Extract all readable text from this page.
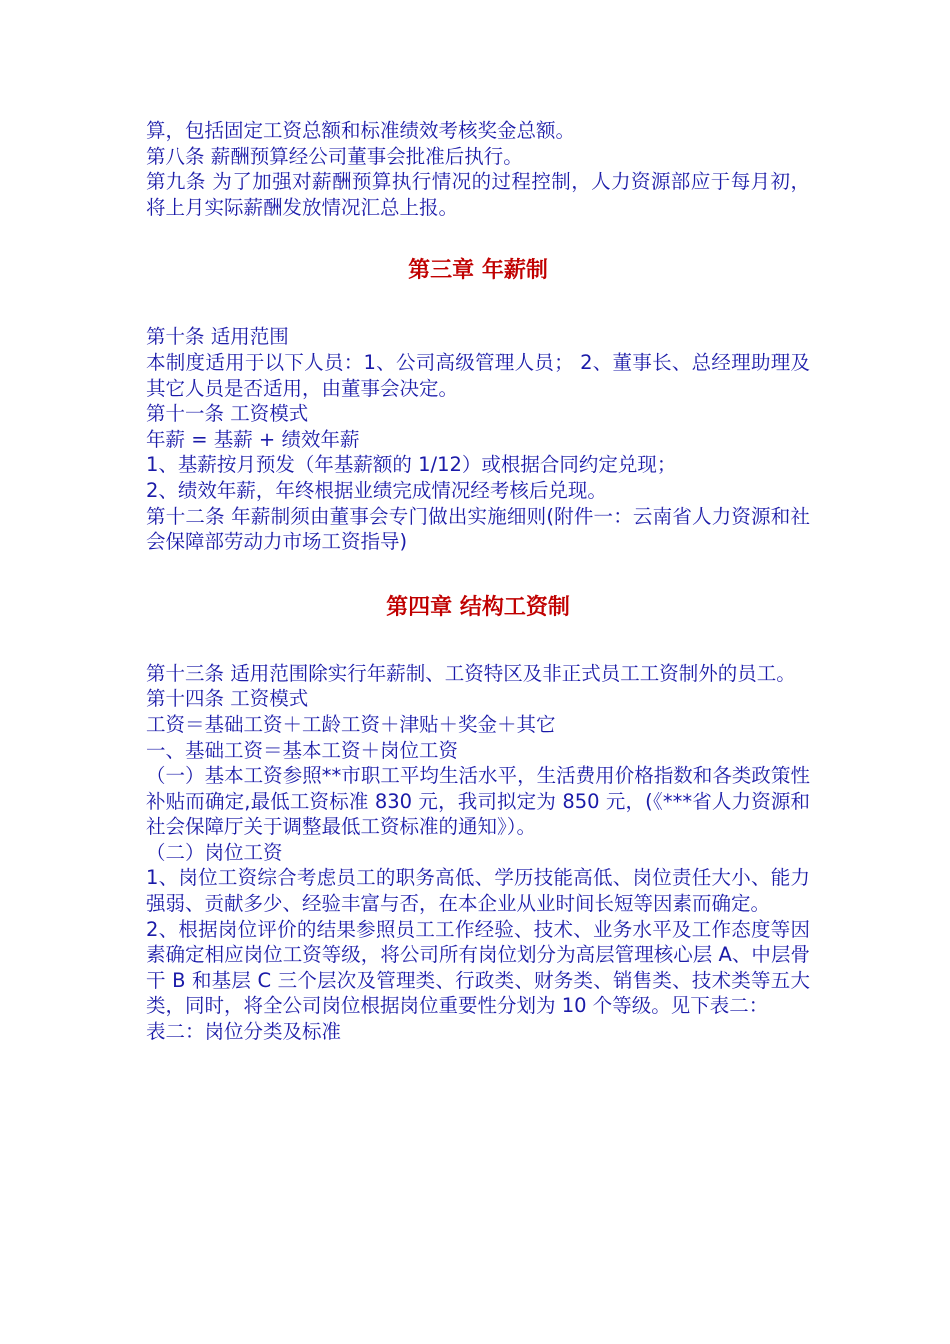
算，包括固定工资总额和标准绩效考核奖金总额。

第八条 薪酬预算经公司董事会批准后执行。

第九条 为了加强对薪酬预算执行情况的过程控制，人力资源部应于每月初，将上月实际薪酬发放情况汇总上报。

第三章 年薪制

第十条 适用范围

本制度适用于以下人员：1、公司高级管理人员； 2、董事长、总经理助理及其它人员是否适用，由董事会决定。

第十一条 工资模式

年薪 = 基薪 + 绩效年薪

1、基薪按月预发（年基薪额的 1/12）或根据合同约定兑现；

2、绩效年薪，年终根据业绩完成情况经考核后兑现。

第十二条 年薪制须由董事会专门做出实施细则(附件一：云南省人力资源和社会保障部劳动力市场工资指导)

第四章 结构工资制

第十三条 适用范围除实行年薪制、工资特区及非正式员工工资制外的员工。

第十四条 工资模式

工资＝基础工资＋工龄工资＋津贴＋奖金＋其它

一、基础工资＝基本工资＋岗位工资

（一）基本工资参照**市职工平均生活水平，生活费用价格指数和各类政策性补贴而确定,最低工资标准 830 元，我司拟定为 850 元，(《***省人力资源和社会保障厅关于调整最低工资标准的通知》）。

（二）岗位工资

1、岗位工资综合考虑员工的职务高低、学历技能高低、岗位责任大小、能力强弱、贡献多少、经验丰富与否，在本企业从业时间长短等因素而确定。

2、根据岗位评价的结果参照员工工作经验、技术、业务水平及工作态度等因素确定相应岗位工资等级，将公司所有岗位划分为高层管理核心层 A、中层骨干 B 和基层 C 三个层次及管理类、行政类、财务类、销售类、技术类等五大类，同时，将全公司岗位根据岗位重要性分划为 10 个等级。见下表二：

表二：岗位分类及标准
